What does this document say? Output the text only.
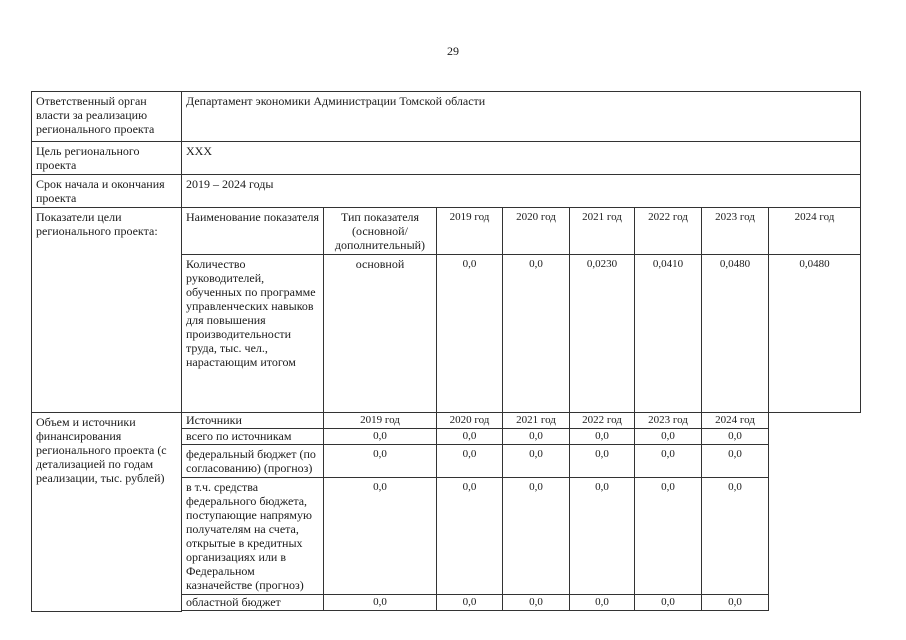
29
Ответственный орган власти за реализацию регионального проекта	Департамент экономики Администрации Томской области							
Цель регионального проекта	ХХХ							
Срок начала и окончания проекта	2019 – 2024 годы							
Показатели цели регионального проекта:	Наименование показателя	Тип показателя (основной/ дополнительный)	2019 год	2020 год	2021 год	2022 год	2023 год	2024 год
	Количество руководителей, обученных по программе управленческих навыков для повышения производительности труда, тыс. чел., нарастающим итогом	основной	0,0	0,0	0,0230	0,0410	0,0480	0,0480
Объем и источники финансирования регионального проекта (с детализацией по годам реализации, тыс. рублей)	Источники	2019 год	2020 год	2021 год	2022 год	2023 год	2024 год	
	всего по источникам	0,0	0,0	0,0	0,0	0,0	0,0	
	федеральный бюджет (по согласованию) (прогноз)	0,0	0,0	0,0	0,0	0,0	0,0	
	в т.ч. средства федерального бюджета, поступающие напрямую получателям на счета, открытые в кредитных организациях или в Федеральном казначействе (прогноз)	0,0	0,0	0,0	0,0	0,0	0,0	
	областной бюджет	0,0	0,0	0,0	0,0	0,0	0,0	
